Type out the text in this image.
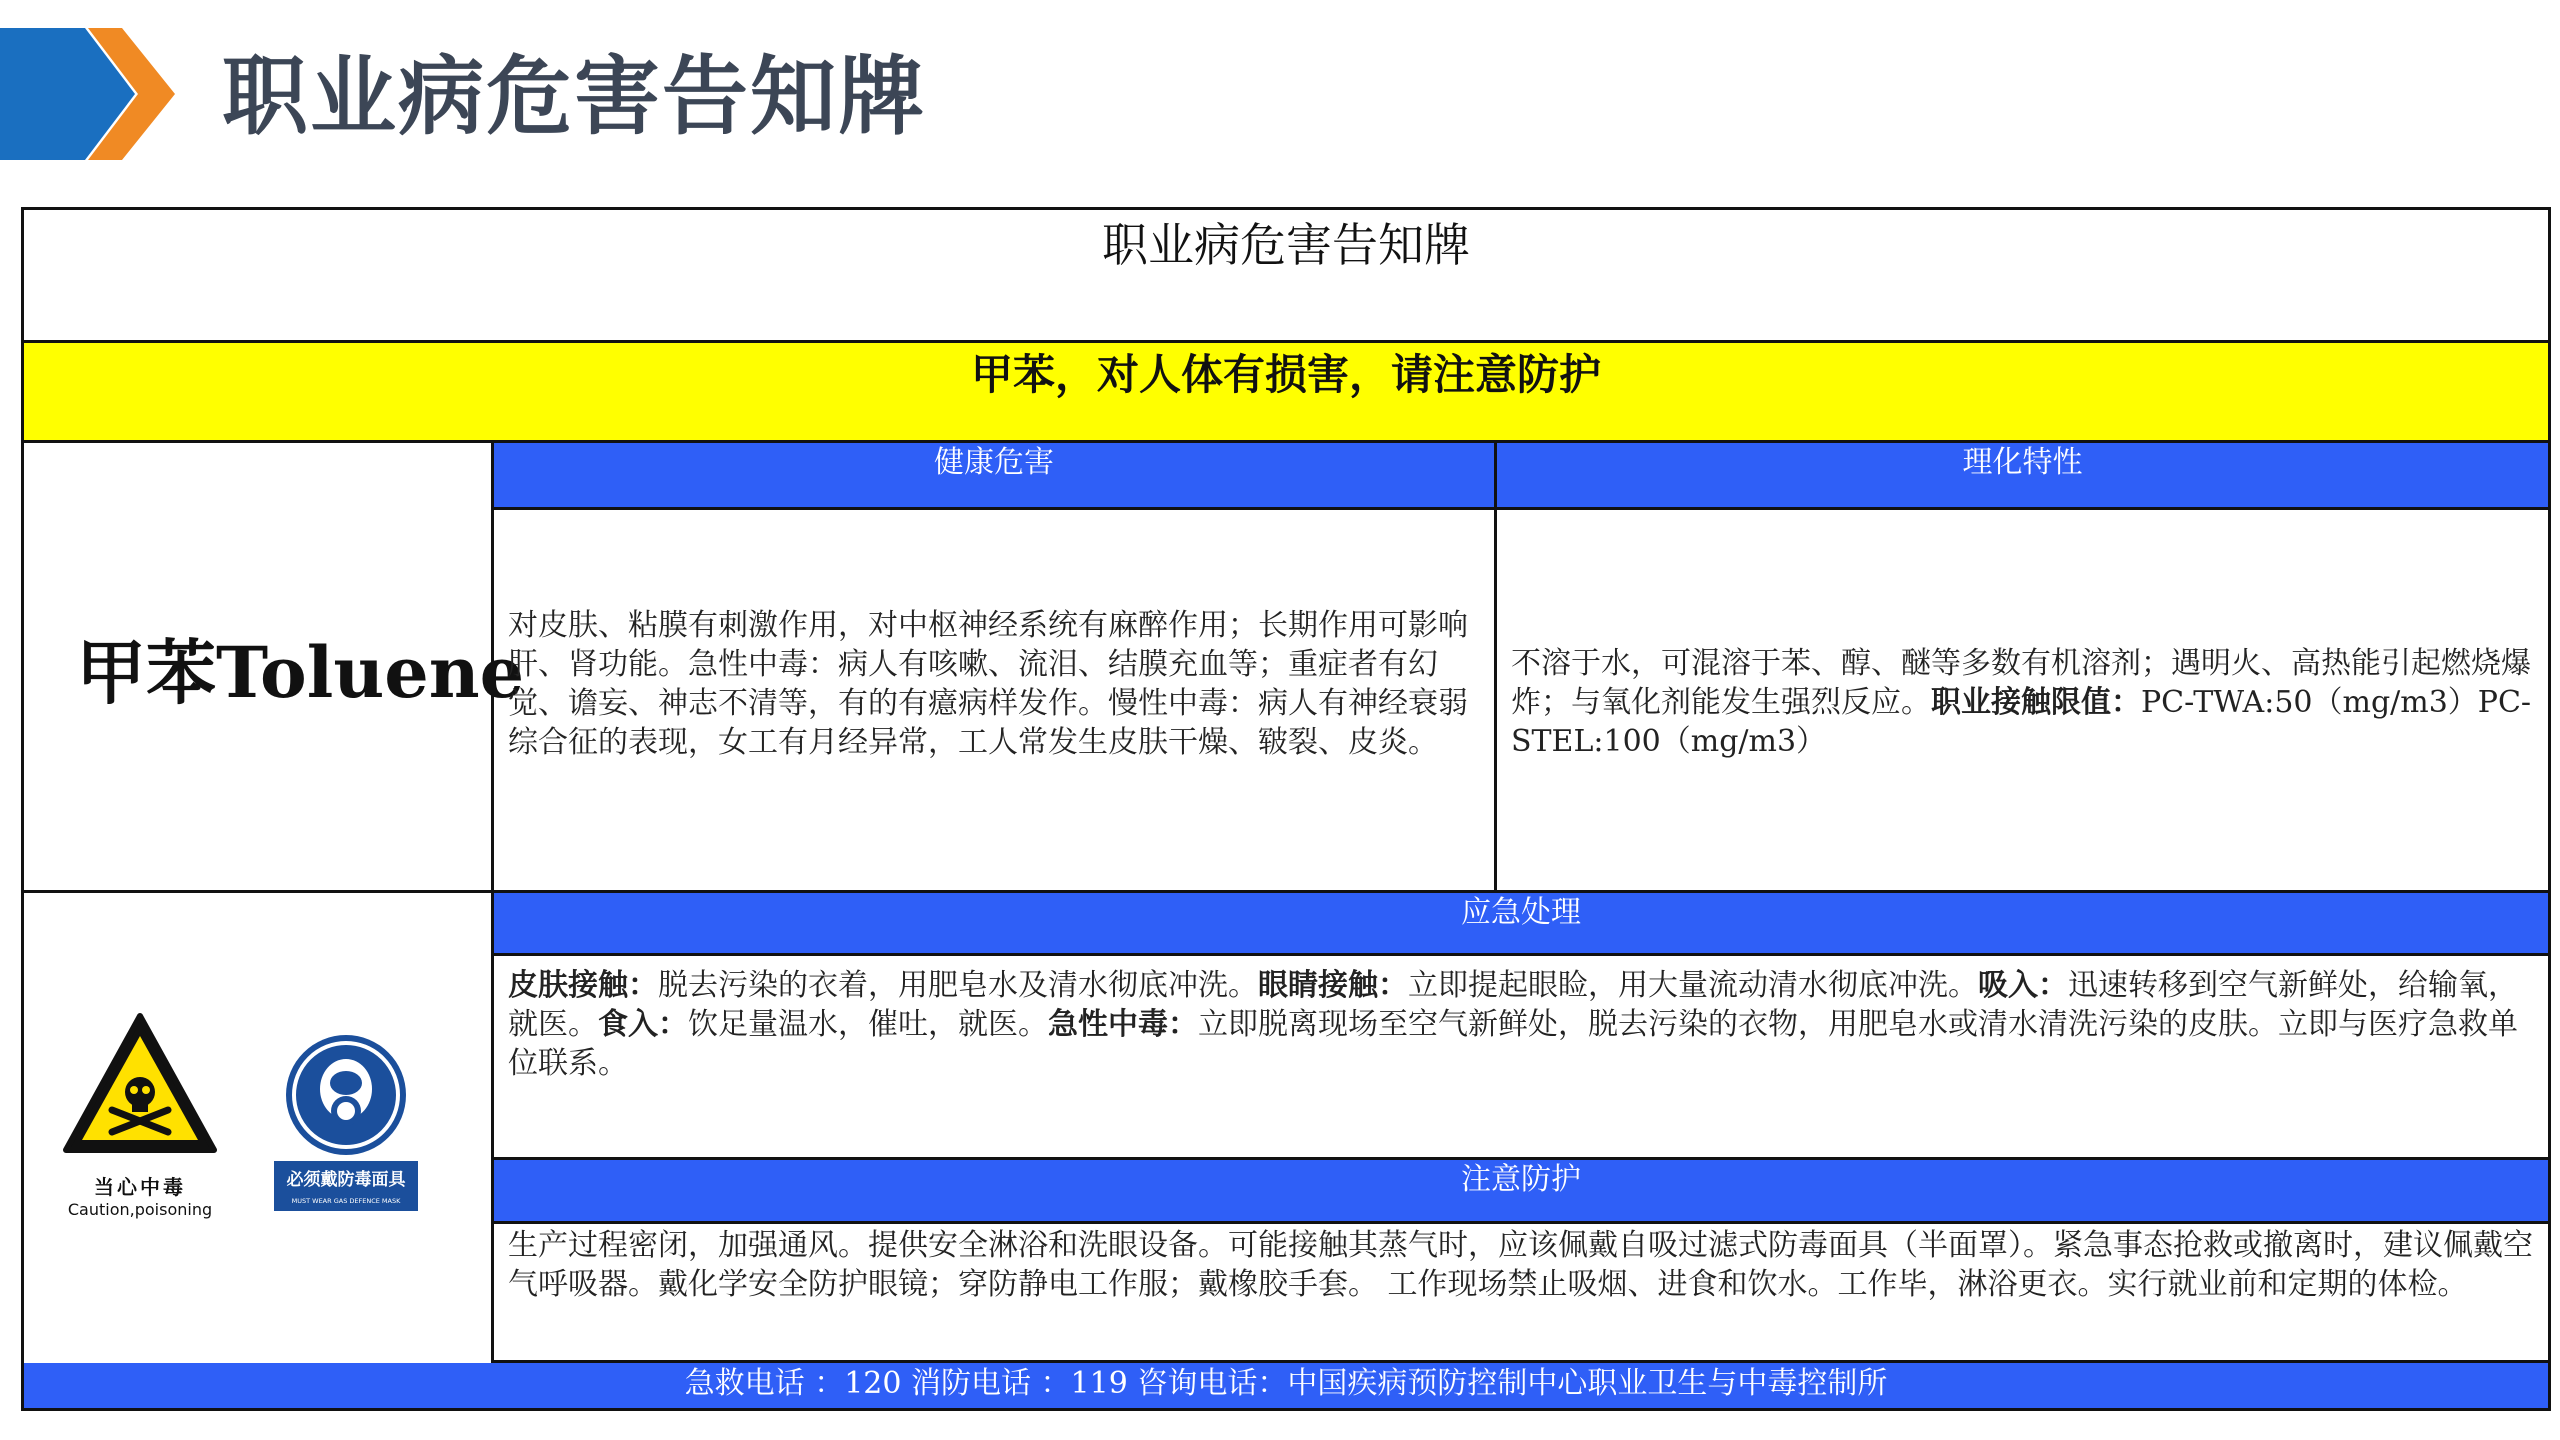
职业病危害告知牌
职业病危害告知牌
甲苯，对人体有损害，请注意防护
甲苯Toluene
健康危害	理化特性
对皮肤、粘膜有刺激作用，对中枢神经系统有麻醉作用；长期作用可影响肝、肾功能。急性中毒：病人有咳嗽、流泪、结膜充血等；重症者有幻觉、谵妄、神志不清等，有的有癔病样发作。慢性中毒：病人有神经衰弱综合征的表现，女工有月经异常，工人常发生皮肤干燥、皲裂、皮炎。
不溶于水，可混溶于苯、醇、醚等多数有机溶剂；遇明火、高热能引起燃烧爆炸；与氧化剂能发生强烈反应。职业接触限值：PC-TWA:50（mg/m3）PC-STEL:100（mg/m3）
当心中毒
Caution,poisoning
必须戴防毒面具
MUST WEAR GAS DEFENCE MASK
应急处理
皮肤接触：脱去污染的衣着，用肥皂水及清水彻底冲洗。眼睛接触：立即提起眼睑，用大量流动清水彻底冲洗。吸入：迅速转移到空气新鲜处，给输氧，就医。食入：饮足量温水，催吐，就医。急性中毒：立即脱离现场至空气新鲜处，脱去污染的衣物，用肥皂水或清水清洗污染的皮肤。立即与医疗急救单位联系。
注意防护
生产过程密闭，加强通风。提供安全淋浴和洗眼设备。可能接触其蒸气时，应该佩戴自吸过滤式防毒面具（半面罩）。紧急事态抢救或撤离时，建议佩戴空气呼吸器。戴化学安全防护眼镜；穿防静电工作服；戴橡胶手套。 工作现场禁止吸烟、进食和饮水。工作毕，淋浴更衣。实行就业前和定期的体检。
急救电话 ：120 消防电话 ：119 咨询电话：中国疾病预防控制中心职业卫生与中毒控制所
